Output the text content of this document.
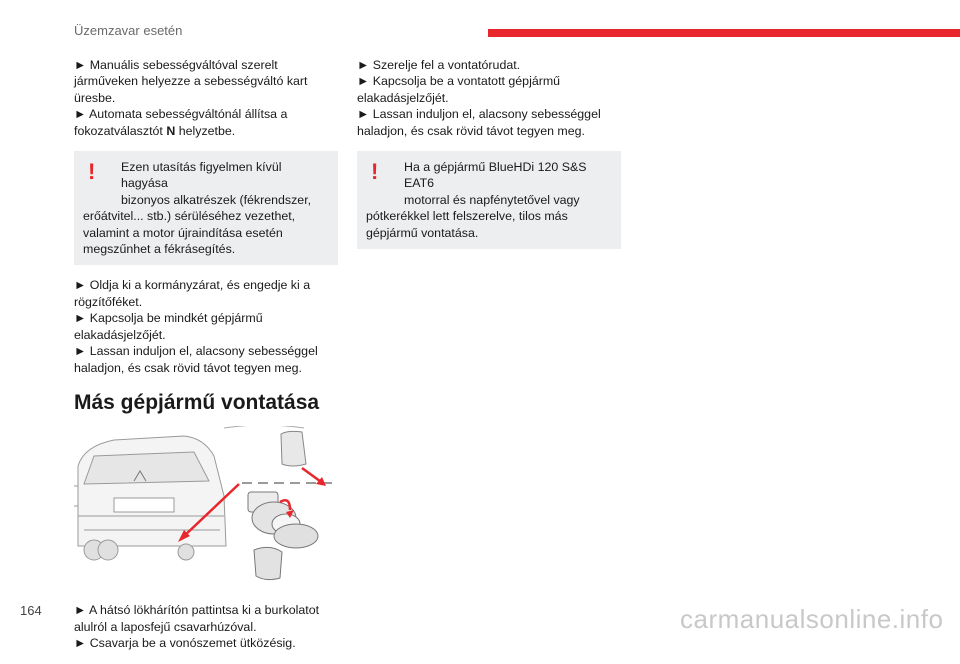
Üzemzavar esetén
► Manuális sebességváltóval szerelt
járműveken helyezze a sebességváltó kart
üresbe.
► Automata sebességváltónál állítsa a
fokozatválasztót N helyzetbe.
!	Ezen utasítás figyelmen kívül hagyása
bizonyos alkatrészek (fékrendszer,
erőátvitel... stb.) sérüléséhez vezethet,
valamint a motor újraindítása esetén
megszűnhet a fékrásegítés.
► Oldja ki a kormányzárat, és engedje ki a
rögzítőféket.
► Kapcsolja be mindkét gépjármű
elakadásjelzőjét.
► Lassan induljon el, alacsony sebességgel
haladjon, és csak rövid távot tegyen meg.
Más gépjármű vontatása
► A hátsó lökhárítón pattintsa ki a burkolatot
alulról a laposfejű csavarhúzóval.
► Csavarja be a vonószemet ütközésig.
► Szerelje fel a vontatórudat.
► Kapcsolja be a vontatott gépjármű
elakadásjelzőjét.
► Lassan induljon el, alacsony sebességgel
haladjon, és csak rövid távot tegyen meg.
!	Ha a gépjármű BlueHDi 120 S&S EAT6
motorral és napfénytetővel vagy
pótkerékkel lett felszerelve, tilos más
gépjármű vontatása.
164	carmanualsonline.info
